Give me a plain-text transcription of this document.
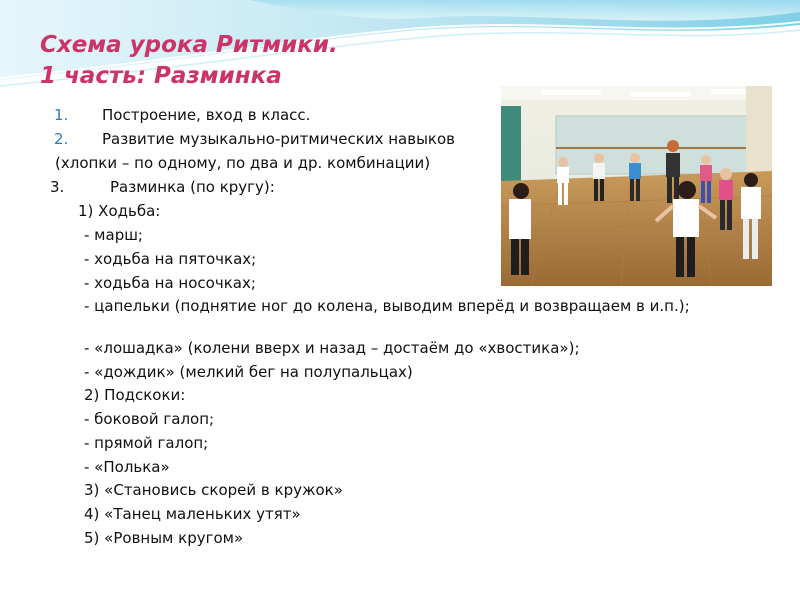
Схема урока Ритмики.
1 часть: Разминка
1. Построение, вход в класс.
2. Развитие музыкально-ритмических навыков
(хлопки – по одному, по два и др. комбинации)
3.	Разминка (по кругу):
1) Ходьба:
- марш;
- ходьба на пяточках;
- ходьба на носочках;
- цапельки (поднятие ног до колена, выводим вперёд и возвращаем в и.п.);
- «лошадка» (колени вверх и назад – достаём до «хвостика»);
- «дождик» (мелкий бег на полупальцах)
2) Подскоки:
- боковой галоп;
- прямой галоп;
- «Полька»
3) «Становись скорей в кружок»
4) «Танец маленьких утят»
5) «Ровным кругом»
